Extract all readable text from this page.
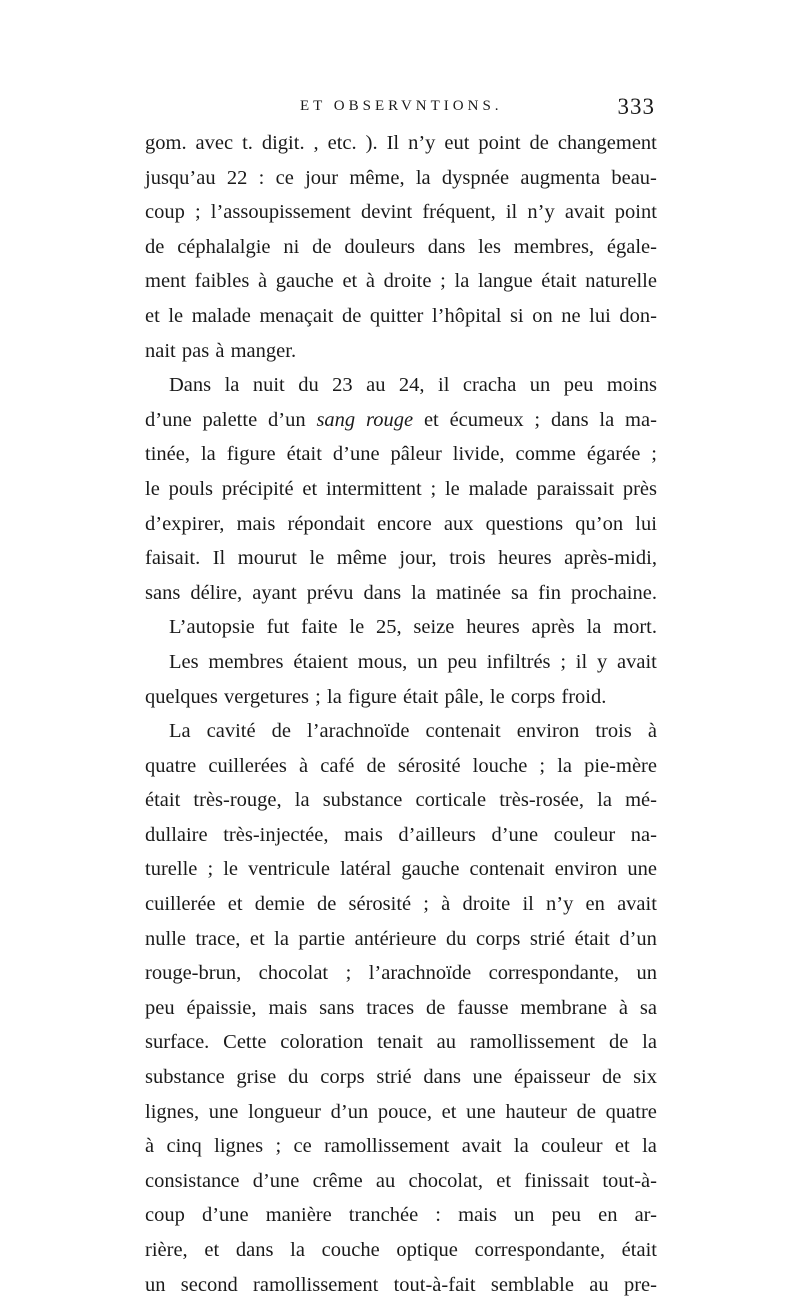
ET OBSERVNTIONS.	333
gom. avec t. digit. , etc. ). Il n’y eut point de changement
jusqu’au 22 : ce jour même, la dyspnée augmenta beau-
coup ; l’assoupissement devint fréquent, il n’y avait point
de céphalalgie ni de douleurs dans les membres, égale-
ment faibles à gauche et à droite ; la langue était naturelle
et le malade menaçait de quitter l’hôpital si on ne lui don-
nait pas à manger.
Dans la nuit du 23 au 24, il cracha un peu moins
d’une palette d’un sang rouge et écumeux ; dans la ma-
tinée, la figure était d’une pâleur livide, comme égarée ;
le pouls précipité et intermittent ; le malade paraissait près
d’expirer, mais répondait encore aux questions qu’on lui
faisait. Il mourut le même jour, trois heures après-midi,
sans délire, ayant prévu dans la matinée sa fin prochaine.
L’autopsie fut faite le 25, seize heures après la mort.
Les membres étaient mous, un peu infiltrés ; il y avait
quelques vergetures ; la figure était pâle, le corps froid.
La cavité de l’arachnoïde contenait environ trois à
quatre cuillerées à café de sérosité louche ; la pie-mère
était très-rouge, la substance corticale très-rosée, la mé-
dullaire très-injectée, mais d’ailleurs d’une couleur na-
turelle ; le ventricule latéral gauche contenait environ une
cuillerée et demie de sérosité ; à droite il n’y en avait
nulle trace, et la partie antérieure du corps strié était d’un
rouge-brun, chocolat ; l’arachnoïde correspondante, un
peu épaissie, mais sans traces de fausse membrane à sa
surface. Cette coloration tenait au ramollissement de la
substance grise du corps strié dans une épaisseur de six
lignes, une longueur d’un pouce, et une hauteur de quatre
à cinq lignes ; ce ramollissement avait la couleur et la
consistance d’une crême au chocolat, et finissait tout-à-
coup d’une manière tranchée : mais un peu en ar-
rière, et dans la couche optique correspondante, était
un second ramollissement tout-à-fait semblable au pre-
